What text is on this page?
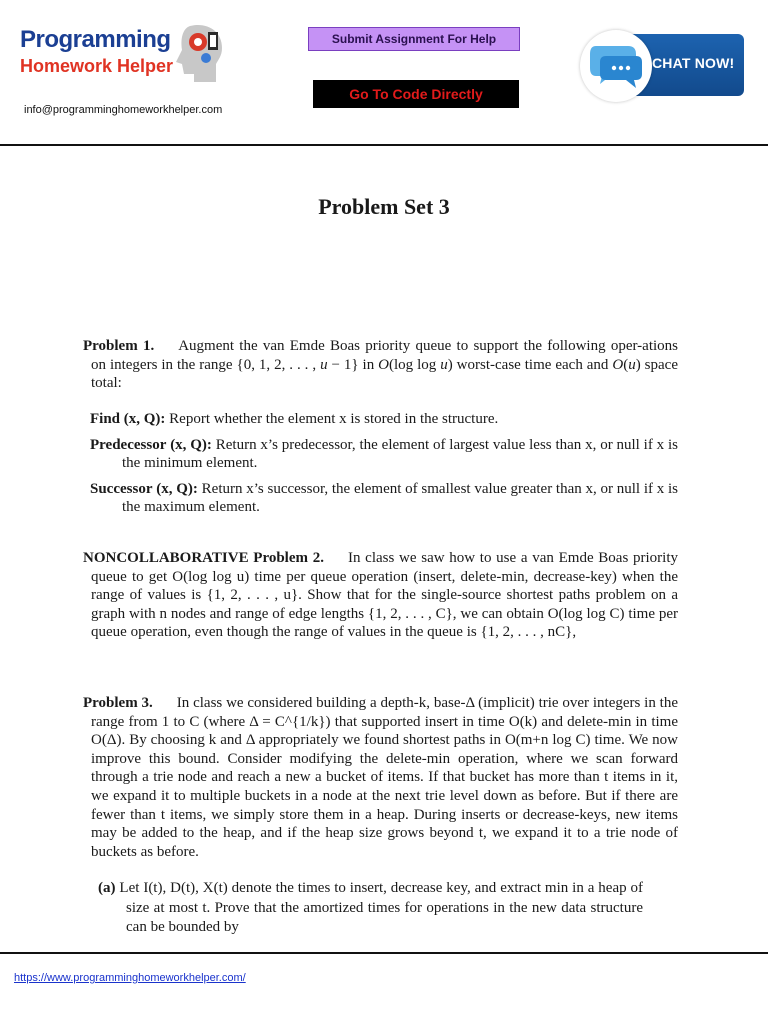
Programming
Homework Helper
info@programminghomeworkhelper.com
Submit Assignment For Help
Go To Code Directly
CHAT NOW!
Problem Set 3

Problem 1. Augment the van Emde Boas priority queue to support the following oper-ations on integers in the range {0, 1, 2, . . . , u − 1} in O(log log u) worst-case time each and O(u) space total:

Find (x, Q): Report whether the element x is stored in the structure.

Predecessor (x, Q): Return x’s predecessor, the element of largest value less than x, or null if x is the minimum element.

Successor (x, Q): Return x’s successor, the element of smallest value greater than x, or null if x is the maximum element.

NONCOLLABORATIVE Problem 2. In class we saw how to use a van Emde Boas priority queue to get O(log log u) time per queue operation (insert, delete-min, decrease-key) when the range of values is {1, 2, . . . , u}. Show that for the single-source shortest paths problem on a graph with n nodes and range of edge lengths {1, 2, . . . , C}, we can obtain O(log log C) time per queue operation, even though the range of values in the queue is {1, 2, . . . , nC},

Problem 3. In class we considered building a depth-k, base-Δ (implicit) trie over integers in the range from 1 to C (where Δ = C^{1/k}) that supported insert in time O(k) and delete-min in time O(Δ). By choosing k and Δ appropriately we found shortest paths in O(m+n log C) time. We now improve this bound. Consider modifying the delete-min operation, where we scan forward through a trie node and reach a new a bucket of items. If that bucket has more than t items in it, we expand it to multiple buckets in a node at the next trie level down as before. But if there are fewer than t items, we simply store them in a heap. During inserts or decrease-keys, new items may be added to the heap, and if the heap size grows beyond t, we expand it to a trie node of buckets as before.

(a) Let I(t), D(t), X(t) denote the times to insert, decrease key, and extract min in a heap of size at most t. Prove that the amortized times for operations in the new data structure can be bounded by

https://www.programminghomeworkhelper.com/
